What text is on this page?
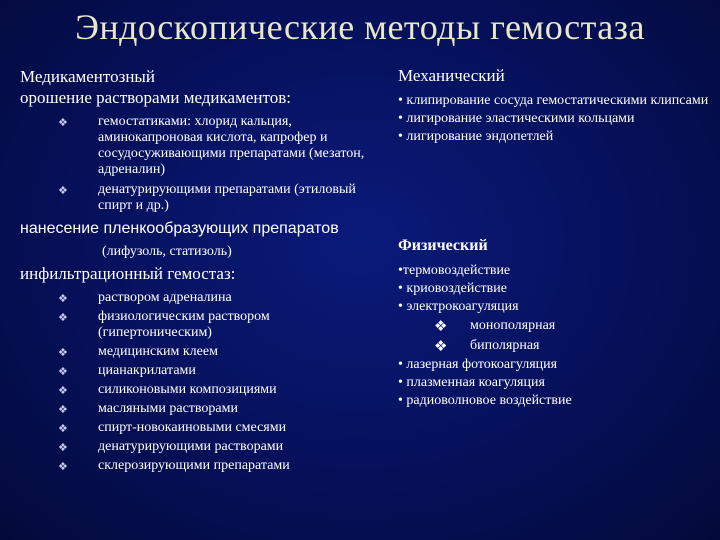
Эндоскопические методы гемостаза
Медикаментозный
орошение растворами медикаментов:
❖ гемостатиками: хлорид кальция, аминокапроновая кислота, капрофер и сосудосуживающими препаратами (мезатон, адреналин)
❖ денатурирующими препаратами (этиловый спирт и др.)
нанесение пленкообразующих препаратов
(лифузоль, статизоль)
инфильтрационный гемостаз:
❖ раствором адреналина
❖ физиологическим раствором (гипертоническим)
❖ медицинским клеем
❖ цианакрилатами
❖ силиконовыми композициями
❖ масляными растворами
❖ спирт-новокаиновыми смесями
❖ денатурирующими растворами
❖ склерозирующими препаратами
Механический
• клипирование сосуда гемостатическими клипсами
• лигирование эластическими кольцами
• лигирование эндопетлей
Физический
•термовоздействие
• криовоздействие
• электрокоагуляция
❖ монополярная
❖ биполярная
• лазерная фотокоагуляция
• плазменная коагуляция
• радиоволновое воздействие
